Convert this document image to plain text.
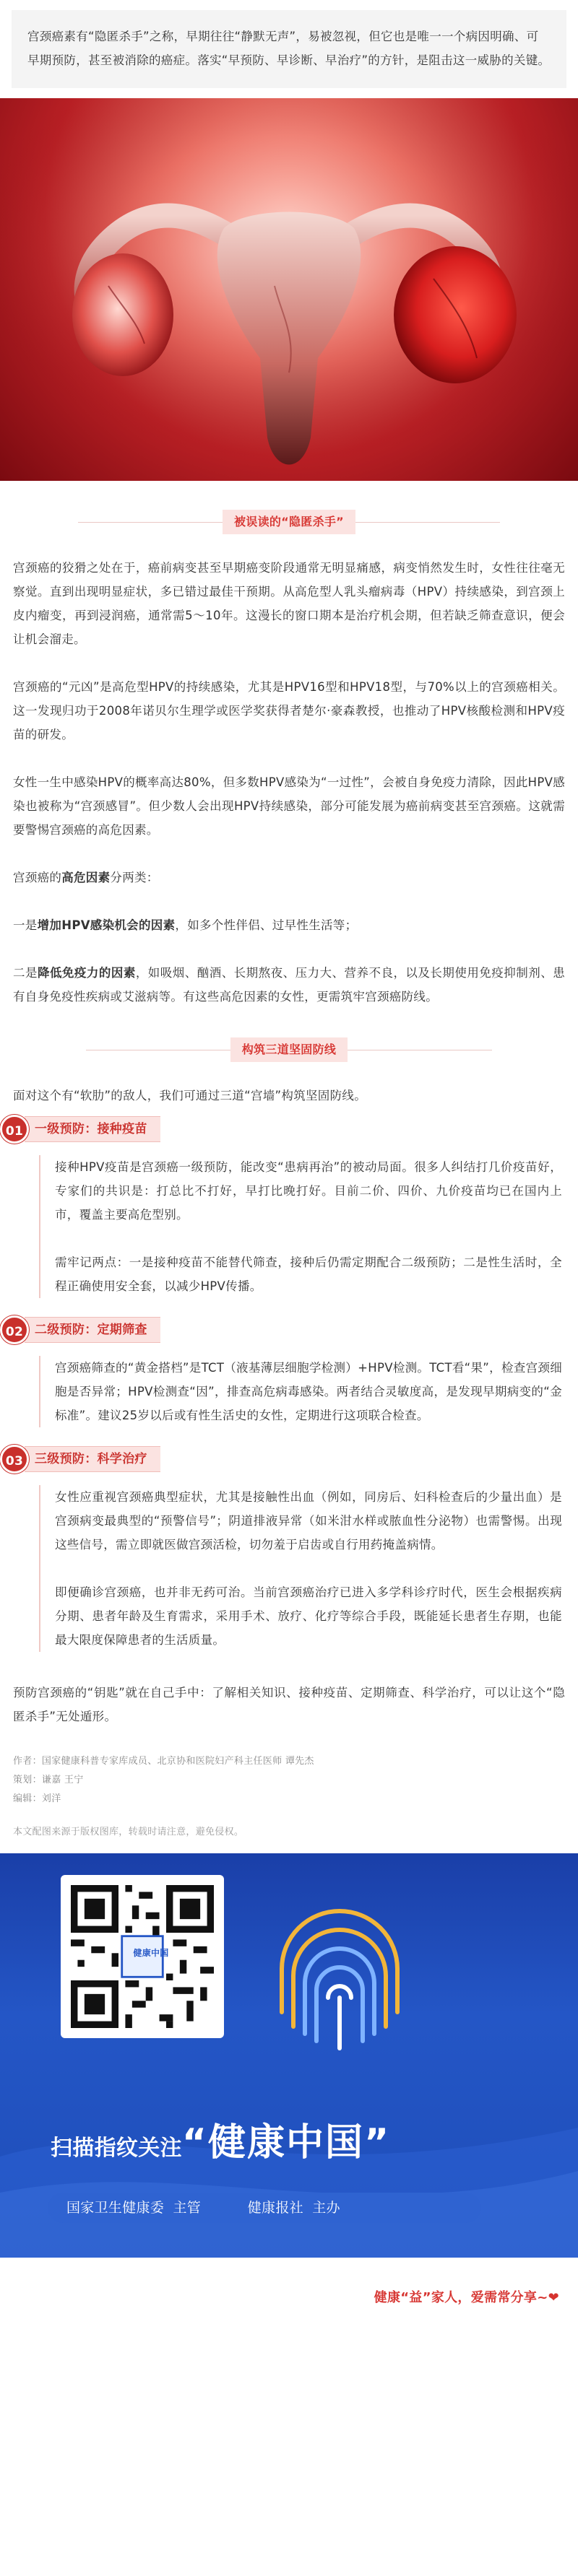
宫颈癌素有“隐匿杀手”之称，早期往往“静默无声”，易被忽视，但它也是唯一一个病因明确、可早期预防，甚至被消除的癌症。落实“早预防、早诊断、早治疗”的方针，是阻击这一威胁的关键。

被误读的“隐匿杀手”

宫颈癌的狡猾之处在于，癌前病变甚至早期癌变阶段通常无明显痛感，病变悄然发生时，女性往往毫无察觉。直到出现明显症状，多已错过最佳干预期。从高危型人乳头瘤病毒（HPV）持续感染，到宫颈上皮内瘤变，再到浸润癌，通常需5～10年。这漫长的窗口期本是治疗机会期，但若缺乏筛查意识，便会让机会溜走。

宫颈癌的“元凶”是高危型HPV的持续感染，尤其是HPV16型和HPV18型，与70%以上的宫颈癌相关。这一发现归功于2008年诺贝尔生理学或医学奖获得者楚尔·豪森教授，也推动了HPV核酸检测和HPV疫苗的研发。

女性一生中感染HPV的概率高达80%，但多数HPV感染为“一过性”，会被自身免疫力清除，因此HPV感染也被称为“宫颈感冒”。但少数人会出现HPV持续感染，部分可能发展为癌前病变甚至宫颈癌。这就需要警惕宫颈癌的高危因素。

宫颈癌的高危因素分两类：

一是增加HPV感染机会的因素，如多个性伴侣、过早性生活等；

二是降低免疫力的因素，如吸烟、酗酒、长期熬夜、压力大、营养不良，以及长期使用免疫抑制剂、患有自身免疫性疾病或艾滋病等。有这些高危因素的女性，更需筑牢宫颈癌防线。

构筑三道坚固防线

面对这个有“软肋”的敌人，我们可通过三道“宫墙”构筑坚固防线。

01 一级预防：接种疫苗

接种HPV疫苗是宫颈癌一级预防，能改变“患病再治”的被动局面。很多人纠结打几价疫苗好，专家们的共识是：打总比不打好，早打比晚打好。目前二价、四价、九价疫苗均已在国内上市，覆盖主要高危型别。

需牢记两点：一是接种疫苗不能替代筛查，接种后仍需定期配合二级预防；二是性生活时，全程正确使用安全套，以减少HPV传播。

02 二级预防：定期筛查

宫颈癌筛查的“黄金搭档”是TCT（液基薄层细胞学检测）+HPV检测。TCT看“果”，检查宫颈细胞是否异常；HPV检测查“因”，排查高危病毒感染。两者结合灵敏度高，是发现早期病变的“金标准”。建议25岁以后或有性生活史的女性，定期进行这项联合检查。

03 三级预防：科学治疗

女性应重视宫颈癌典型症状，尤其是接触性出血（例如，同房后、妇科检查后的少量出血）是宫颈病变最典型的“预警信号”；阴道排液异常（如米泔水样或脓血性分泌物）也需警惕。出现这些信号，需立即就医做宫颈活检，切勿羞于启齿或自行用药掩盖病情。

即便确诊宫颈癌，也并非无药可治。当前宫颈癌治疗已进入多学科诊疗时代，医生会根据疾病分期、患者年龄及生育需求，采用手术、放疗、化疗等综合手段，既能延长患者生存期，也能最大限度保障患者的生活质量。

预防宫颈癌的“钥匙”就在自己手中：了解相关知识、接种疫苗、定期筛查、科学治疗，可以让这个“隐匿杀手”无处遁形。

作者：国家健康科普专家库成员、北京协和医院妇产科主任医师 谭先杰
策划：谦嘉 王宁
编辑：刘洋
本文配图来源于版权图库，转载时请注意，避免侵权。
健康中国
扫描指纹关注“健康中国”
国家卫生健康委 主管	健康报社 主办
健康“益”家人，爱需常分享~❤
